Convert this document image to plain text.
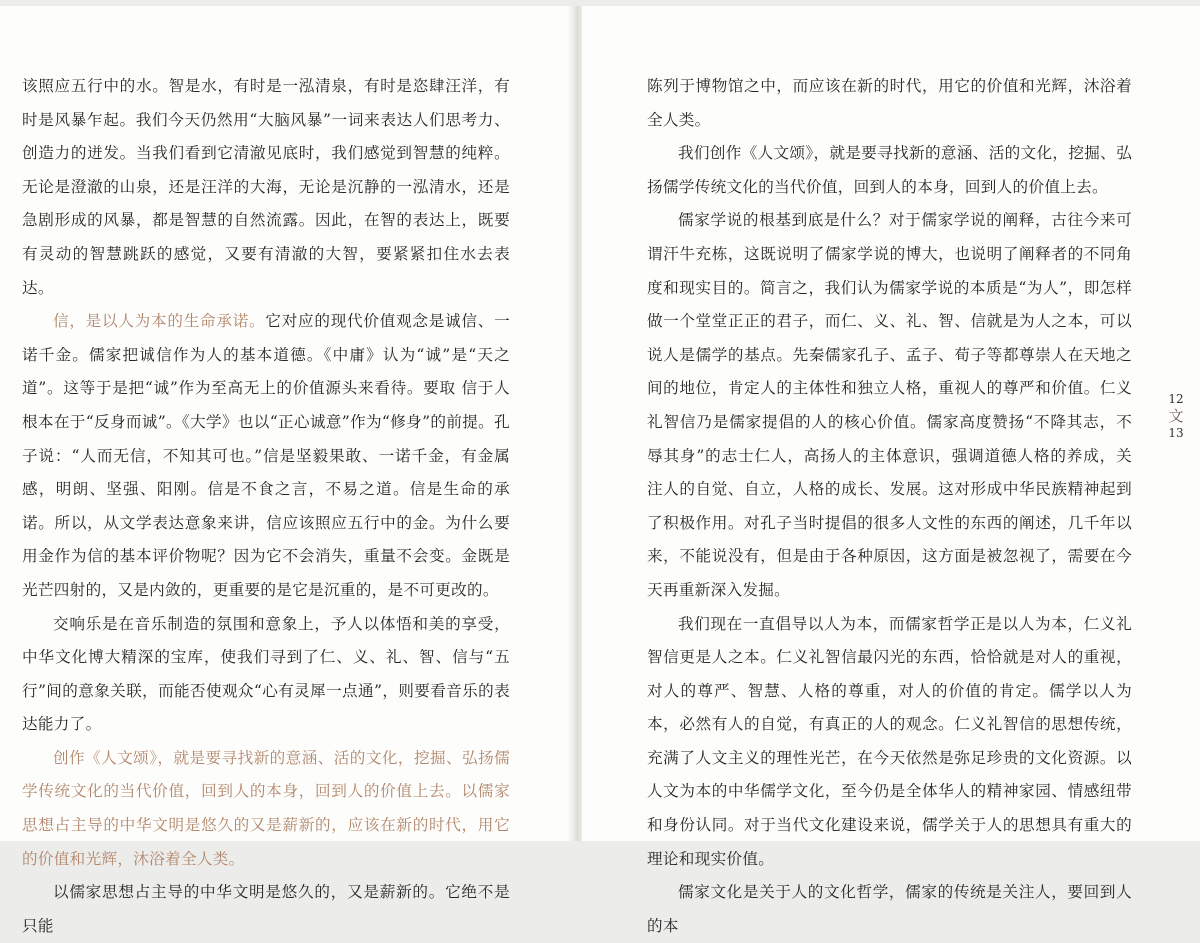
该照应五行中的水。智是水，有时是一泓清泉，有时是恣肆汪洋，有时是风暴乍起。我们今天仍然用“大脑风暴”一词来表达人们思考力、创造力的迸发。当我们看到它清澈见底时，我们感觉到智慧的纯粹。无论是澄澈的山泉，还是汪洋的大海，无论是沉静的一泓清水，还是急剧形成的风暴，都是智慧的自然流露。因此，在智的表达上，既要有灵动的智慧跳跃的感觉，又要有清澈的大智，要紧紧扣住水去表达。

信，是以人为本的生命承诺。它对应的现代价值观念是诚信、一诺千金。儒家把诚信作为人的基本道德。《中庸》认为“诚”是“天之道”。这等于是把“诚”作为至高无上的价值源头来看待。要取 信于人根本在于“反身而诚”。《大学》也以“正心诚意”作为“修身”的前提。孔子说：“人而无信，不知其可也。”信是坚毅果敢、一诺千金，有金属感，明朗、坚强、阳刚。信是不食之言，不易之道。信是生命的承诺。所以，从文学表达意象来讲，信应该照应五行中的金。为什么要用金作为信的基本评价物呢？因为它不会消失，重量不会变。金既是光芒四射的，又是内敛的，更重要的是它是沉重的，是不可更改的。

交响乐是在音乐制造的氛围和意象上，予人以体悟和美的享受，中华文化博大精深的宝库，使我们寻到了仁、义、礼、智、信与“五行”间的意象关联，而能否使观众“心有灵犀一点通”，则要看音乐的表达能力了。

创作《人文颂》，就是要寻找新的意涵、活的文化，挖掘、弘扬儒学传统文化的当代价值，回到人的本身，回到人的价值上去。以儒家思想占主导的中华文明是悠久的又是薪新的，应该在新的时代，用它的价值和光辉，沐浴着全人类。

以儒家思想占主导的中华文明是悠久的，又是薪新的。它绝不是只能

陈列于博物馆之中，而应该在新的时代，用它的价值和光辉，沐浴着全人类。

我们创作《人文颂》，就是要寻找新的意涵、活的文化，挖掘、弘扬儒学传统文化的当代价值，回到人的本身，回到人的价值上去。

儒家学说的根基到底是什么？对于儒家学说的阐释，古往今来可谓汗牛充栋，这既说明了儒家学说的博大，也说明了阐释者的不同角度和现实目的。简言之，我们认为儒家学说的本质是“为人”，即怎样做一个堂堂正正的君子，而仁、义、礼、智、信就是为人之本，可以说人是儒学的基点。先秦儒家孔子、孟子、荀子等都尊崇人在天地之间的地位，肯定人的主体性和独立人格，重视人的尊严和价值。仁义礼智信乃是儒家提倡的人的核心价值。儒家高度赞扬“不降其志，不辱其身”的志士仁人，高扬人的主体意识，强调道德人格的养成，关注人的自觉、自立，人格的成长、发展。这对形成中华民族精神起到了积极作用。对孔子当时提倡的很多人文性的东西的阐述，几千年以来，不能说没有，但是由于各种原因，这方面是被忽视了，需要在今天再重新深入发掘。

我们现在一直倡导以人为本，而儒家哲学正是以人为本，仁义礼智信更是人之本。仁义礼智信最闪光的东西，恰恰就是对人的重视，对人的尊严、智慧、人格的尊重，对人的价值的肯定。儒学以人为本，必然有人的自觉，有真正的人的观念。仁义礼智信的思想传统，充满了人文主义的理性光芒，在今天依然是弥足珍贵的文化资源。以人文为本的中华儒学文化，至今仍是全体华人的精神家园、情感纽带和身份认同。对于当代文化建设来说，儒学关于人的思想具有重大的理论和现实价值。

儒家文化是关于人的文化哲学，儒家的传统是关注人，要回到人的本

12
文
13
